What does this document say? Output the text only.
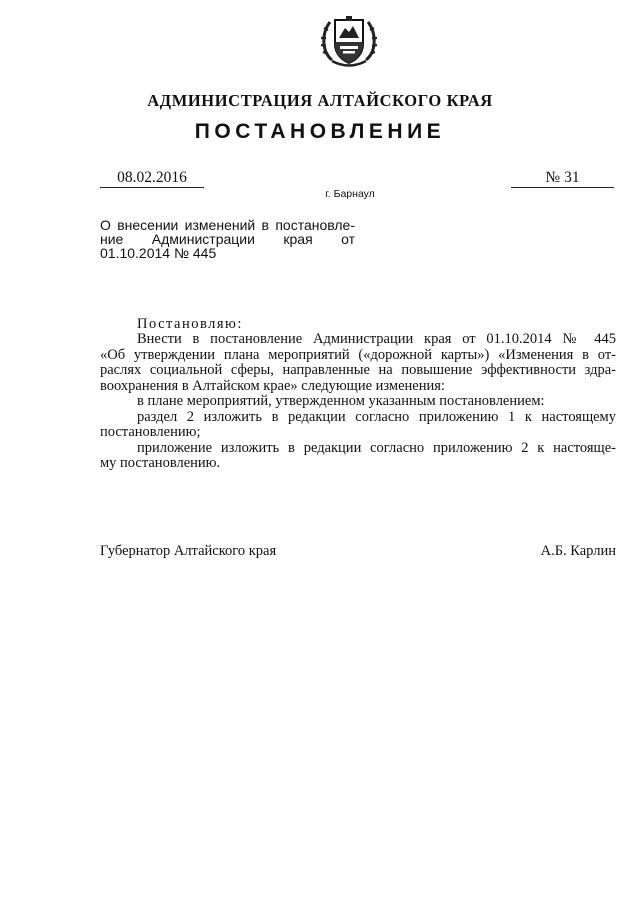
АДМИНИСТРАЦИЯ АЛТАЙСКОГО КРАЯ
ПОСТАНОВЛЕНИЕ
08.02.2016	№ 31
г. Барнаул
О внесении изменений в постановле-
ние Администрации края от
01.10.2014 № 445
Постановляю:
Внести в постановление Администрации края от 01.10.2014 № 445
«Об утверждении плана мероприятий («дорожной карты») «Изменения в от-
раслях социальной сферы, направленные на повышение эффективности здра-
воохранения в Алтайском крае» следующие изменения:
в плане мероприятий, утвержденном указанным постановлением:
раздел 2 изложить в редакции согласно приложению 1 к настоящему
постановлению;
приложение изложить в редакции согласно приложению 2 к настояще-
му постановлению.
Губернатор Алтайского края	А.Б. Карлин
